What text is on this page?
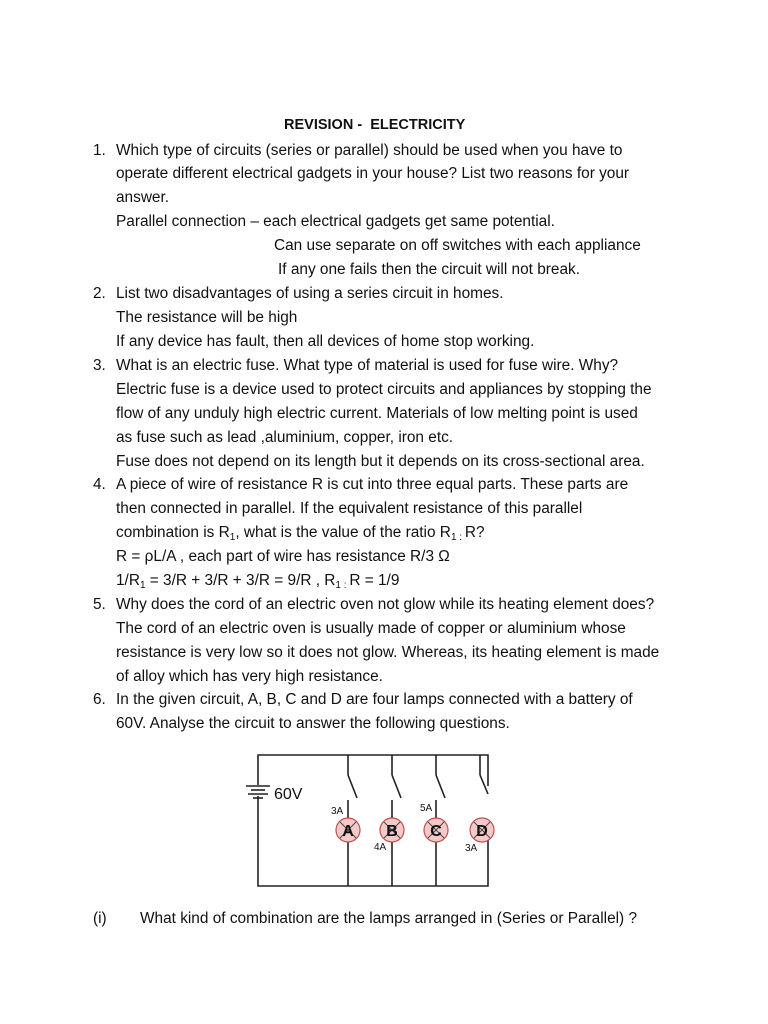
REVISION -  ELECTRICITY
1. Which type of circuits (series or parallel) should be used when you have to
operate different electrical gadgets in your house? List two reasons for your
answer.
Parallel connection – each electrical gadgets get same potential.
Can use separate on off switches with each appliance
If any one fails then the circuit will not break.
2. List two disadvantages of using a series circuit in homes.
The resistance will be high
If any device has fault, then all devices of home stop working.
3. What is an electric fuse. What type of material is used for fuse wire. Why?
Electric fuse is a device used to protect circuits and appliances by stopping the
flow of any unduly high electric current. Materials of low melting point is used
as fuse such as lead ,aluminium, copper, iron etc.
Fuse does not depend on its length but it depends on its cross-sectional area.
4. A piece of wire of resistance R is cut into three equal parts. These parts are
then connected in parallel. If the equivalent resistance of this parallel
combination is $R_1$, what is the value of the ratio $R_{1 :}$ R?
R = ρL/A , each part of wire has resistance R/3 Ω
$1/R_1 = 3/R + 3/R + 3/R = 9/R$ , $R_{1 :}$ R = 1/9
5. Why does the cord of an electric oven not glow while its heating element does?
The cord of an electric oven is usually made of copper or aluminium whose
resistance is very low so it does not glow. Whereas, its heating element is made
of alloy which has very high resistance.
6. In the given circuit, A, B, C and D are four lamps connected with a battery of
60V. Analyse the circuit to answer the following questions.
60V
A B C D
3A
4A
5A
3A
(i) What kind of combination are the lamps arranged in (Series or Parallel) ?
